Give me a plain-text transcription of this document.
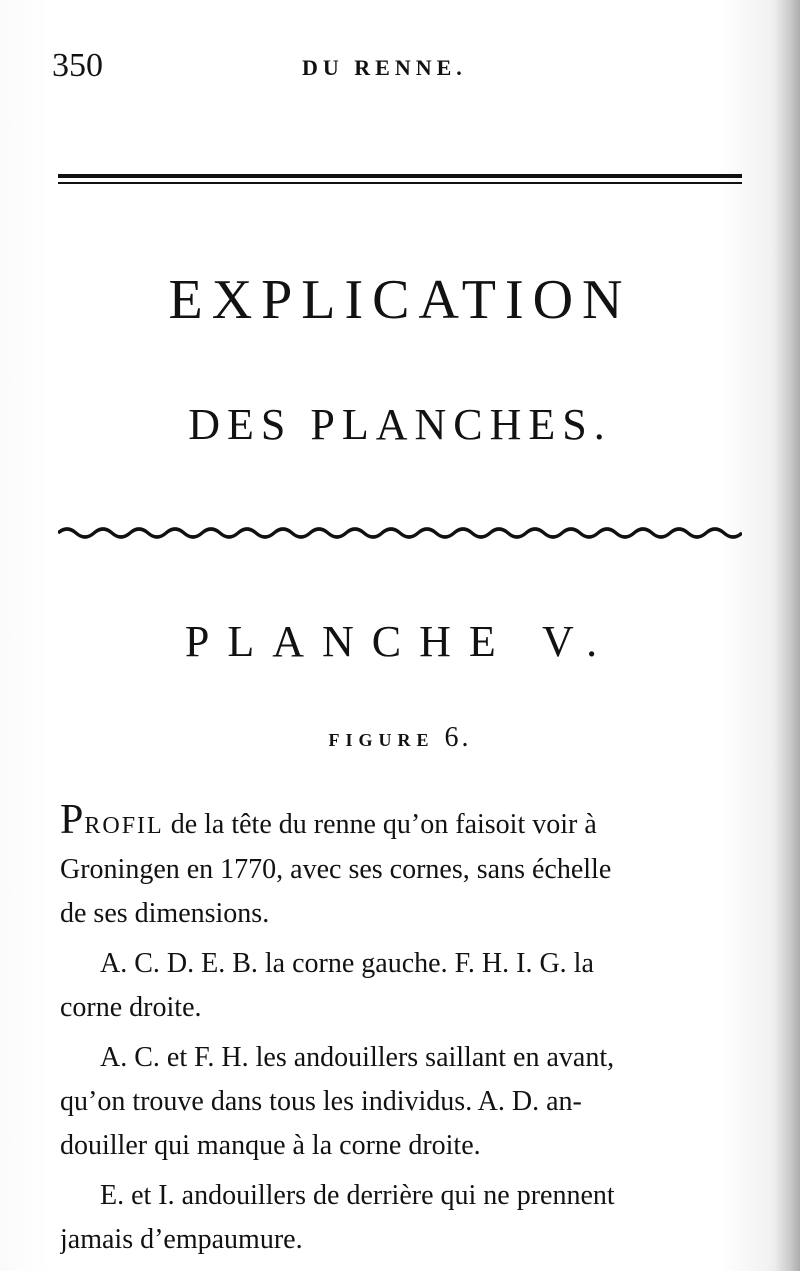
350	DU RENNE.
EXPLICATION
DES PLANCHES.
PLANCHE V.
FIGURE 6.

PROFIL de la tête du renne qu’on faisoit voir à

Groningen en 1770, avec ses cornes, sans échelle

de ses dimensions.

A. C. D. E. B. la corne gauche. F. H. I. G. la

corne droite.

A. C. et F. H. les andouillers saillant en avant,

qu’on trouve dans tous les individus. A. D. an-

douiller qui manque à la corne droite.

E. et I. andouillers de derrière qui ne prennent

jamais d’empaumure.
